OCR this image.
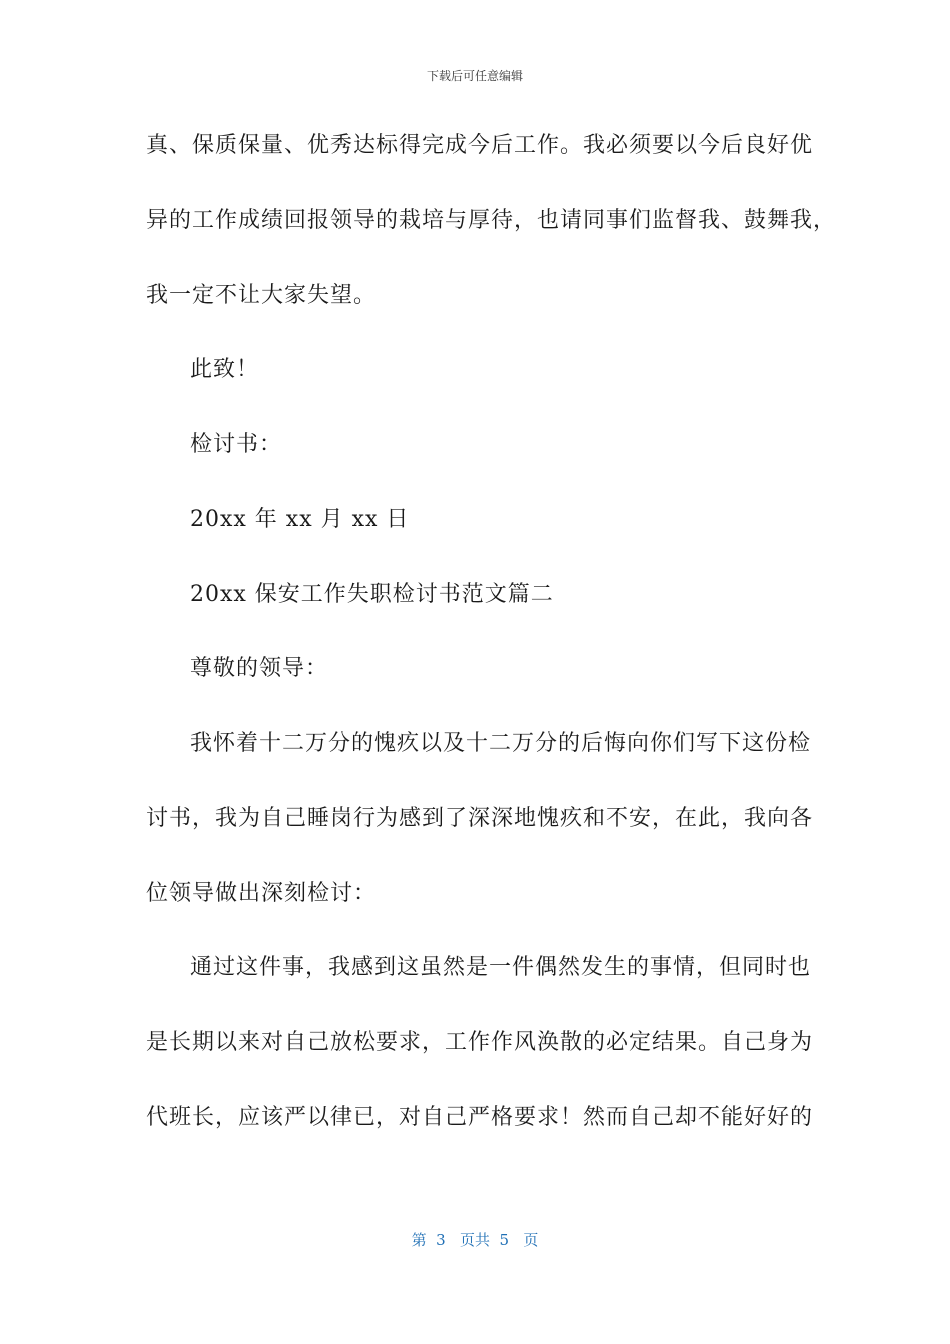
下载后可任意编辑
真、保质保量、优秀达标得完成今后工作。我必须要以今后良好优
异的工作成绩回报领导的栽培与厚待，也请同事们监督我、鼓舞我，
我一定不让大家失望。
此致！
检讨书：
20xx 年 xx 月 xx 日
20xx 保安工作失职检讨书范文篇二
尊敬的领导：
我怀着十二万分的愧疚以及十二万分的后悔向你们写下这份检
讨书，我为自己睡岗行为感到了深深地愧疚和不安，在此，我向各
位领导做出深刻检讨：
通过这件事，我感到这虽然是一件偶然发生的事情，但同时也
是长期以来对自己放松要求，工作作风涣散的必定结果。自己身为
代班长，应该严以律已，对自己严格要求！然而自己却不能好好的
第  3   页共  5   页
